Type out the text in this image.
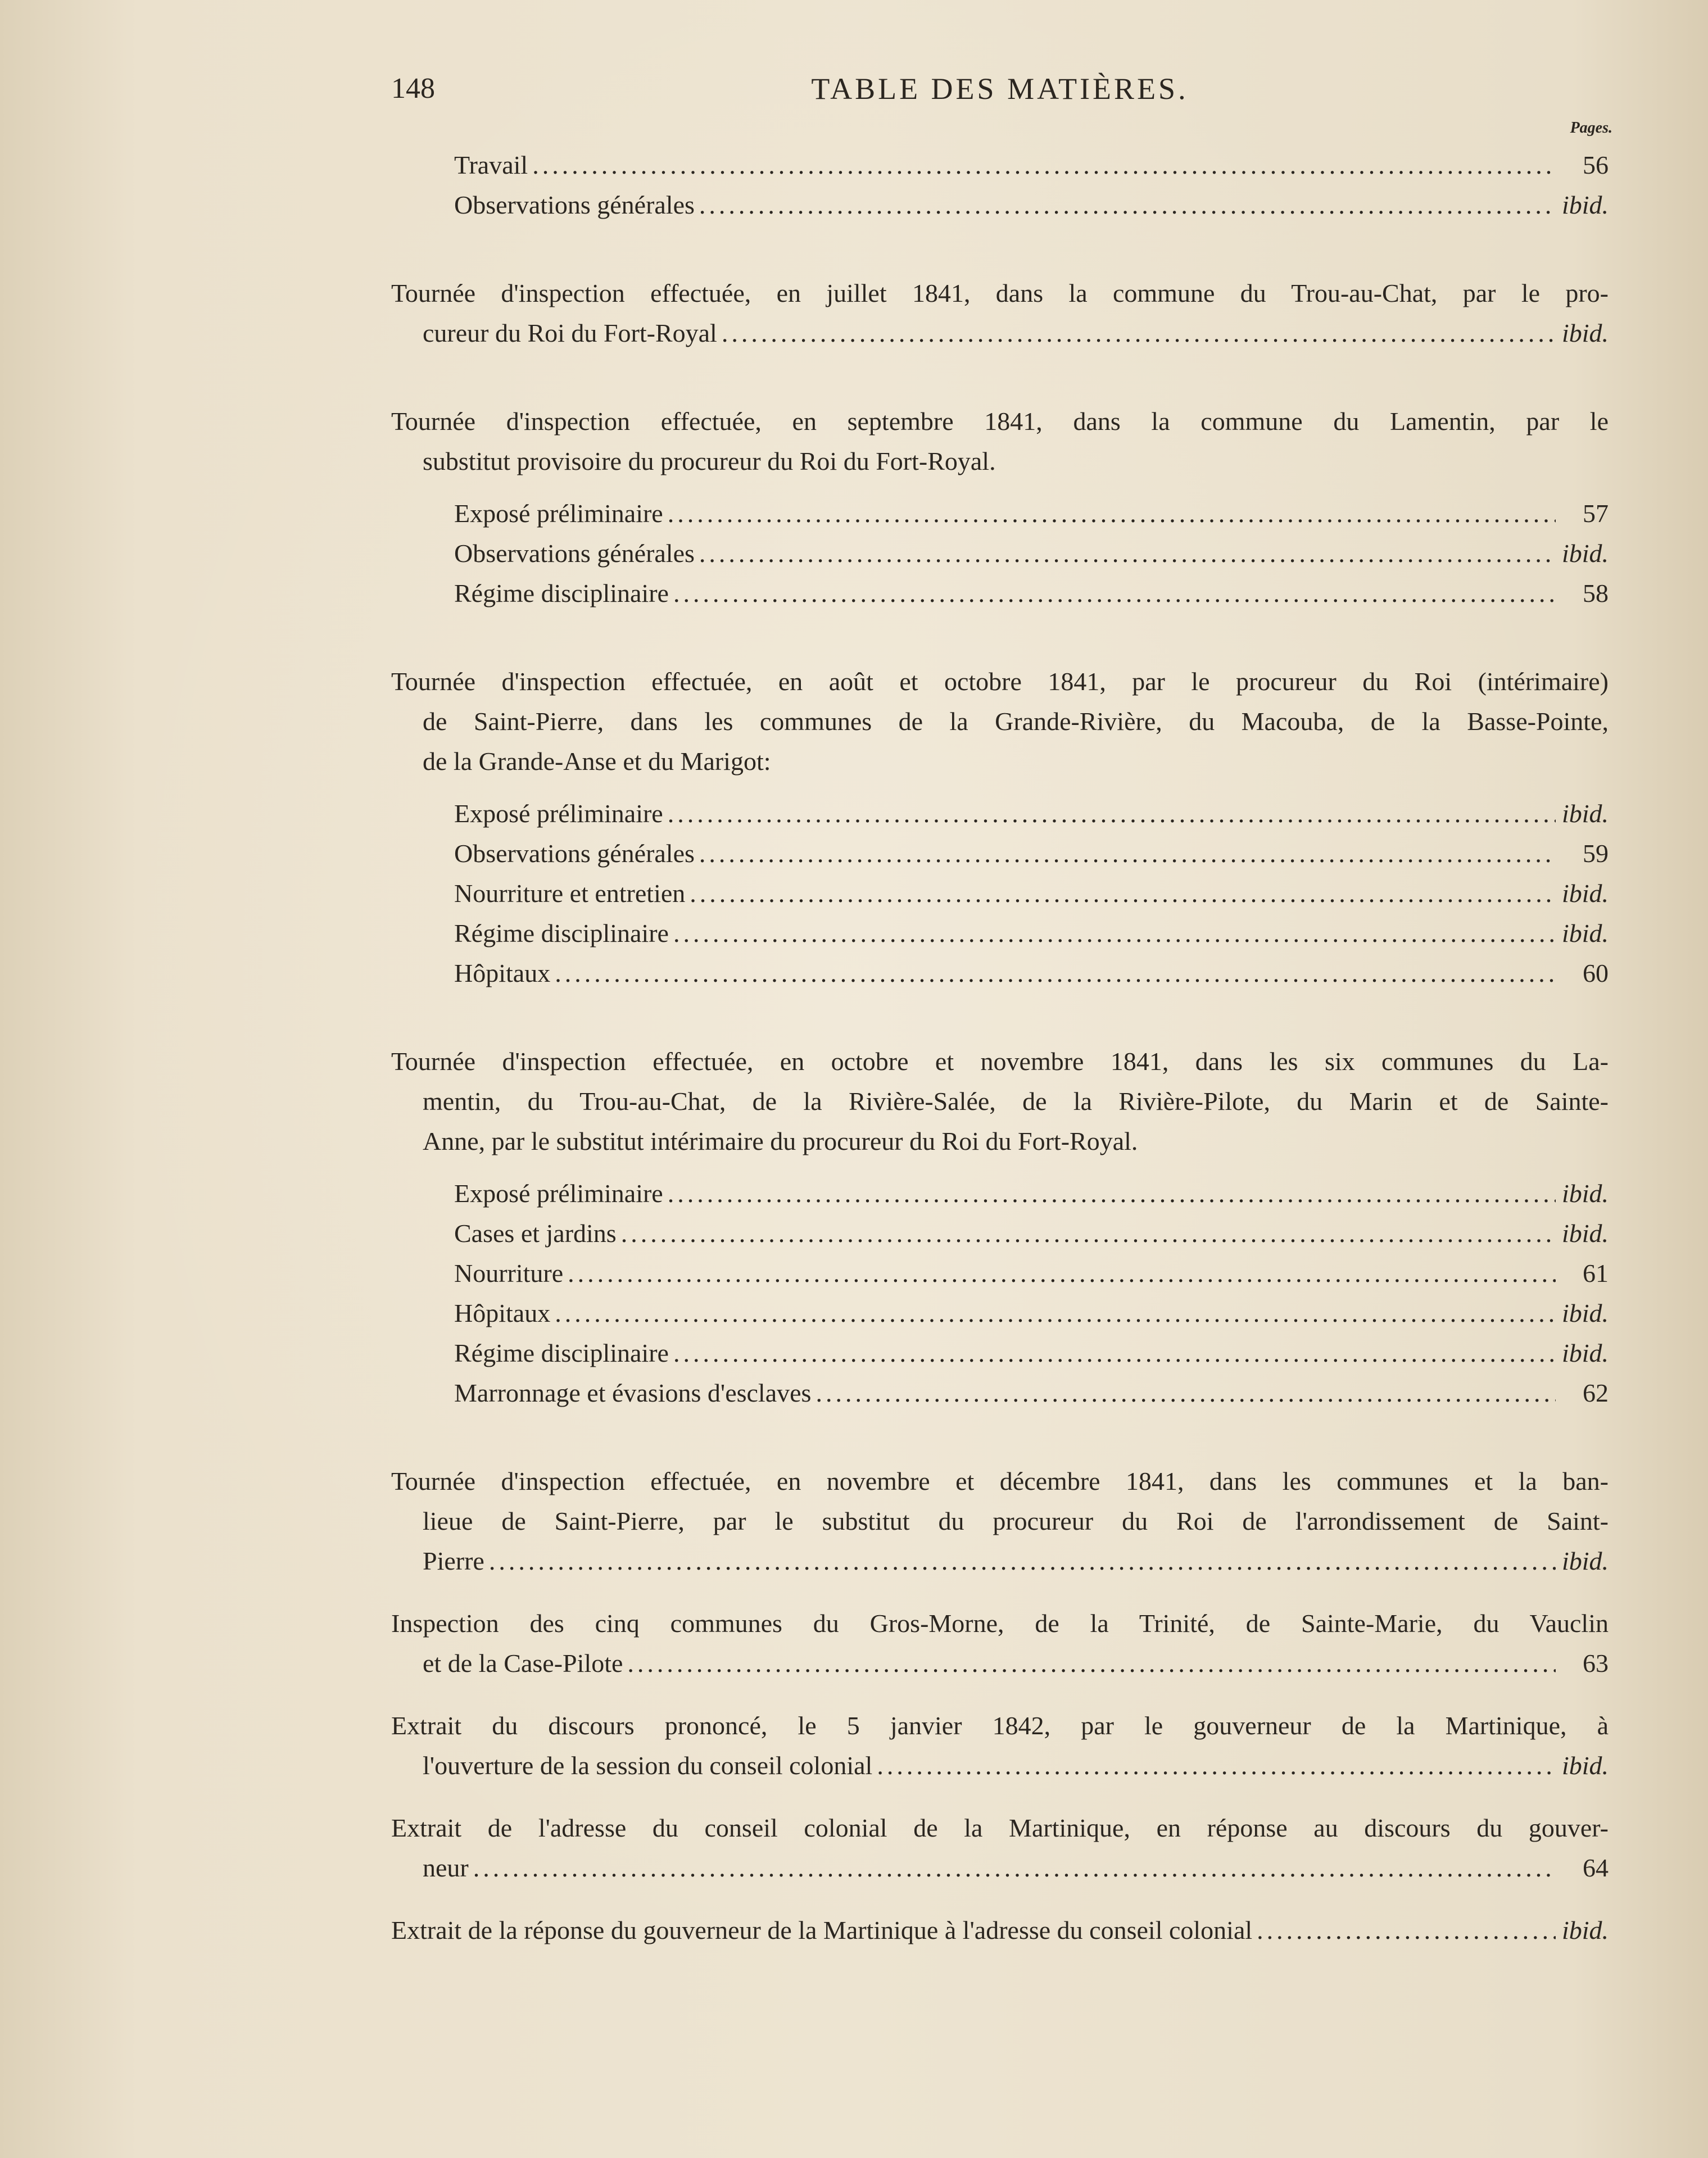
148	TABLE DES MATIÈRES.
Pages.
Travail .....	56
Observations générales .....	ibid.
Tournée d'inspection effectuée, en juillet 1841, dans la commune du Trou-au-Chat, par le pro-
cureur du Roi du Fort-Royal .....	ibid.
Tournée d'inspection effectuée, en septembre 1841, dans la commune du Lamentin, par le
substitut provisoire du procureur du Roi du Fort-Royal.
Exposé préliminaire .....	57
Observations générales .....	ibid.
Régime disciplinaire .....	58
Tournée d'inspection effectuée, en août et octobre 1841, par le procureur du Roi (intérimaire)
de Saint-Pierre, dans les communes de la Grande-Rivière, du Macouba, de la Basse-Pointe,
de la Grande-Anse et du Marigot:
Exposé préliminaire .....	ibid.
Observations générales .....	59
Nourriture et entretien .....	ibid.
Régime disciplinaire .....	ibid.
Hôpitaux .....	60
Tournée d'inspection effectuée, en octobre et novembre 1841, dans les six communes du La-
mentin, du Trou-au-Chat, de la Rivière-Salée, de la Rivière-Pilote, du Marin et de Sainte-
Anne, par le substitut intérimaire du procureur du Roi du Fort-Royal.
Exposé préliminaire .....	ibid.
Cases et jardins .....	ibid.
Nourriture .....	61
Hôpitaux .....	ibid.
Régime disciplinaire .....	ibid.
Marronnage et évasions d'esclaves .....	62
Tournée d'inspection effectuée, en novembre et décembre 1841, dans les communes et la ban-
lieue de Saint-Pierre, par le substitut du procureur du Roi de l'arrondissement de Saint-
Pierre .....	ibid.
Inspection des cinq communes du Gros-Morne, de la Trinité, de Sainte-Marie, du Vauclin
et de la Case-Pilote .....	63
Extrait du discours prononcé, le 5 janvier 1842, par le gouverneur de la Martinique, à
l'ouverture de la session du conseil colonial .....	ibid.
Extrait de l'adresse du conseil colonial de la Martinique, en réponse au discours du gouver-
neur .....	64
Extrait de la réponse du gouverneur de la Martinique à l'adresse du conseil colonial .....	ibid.
